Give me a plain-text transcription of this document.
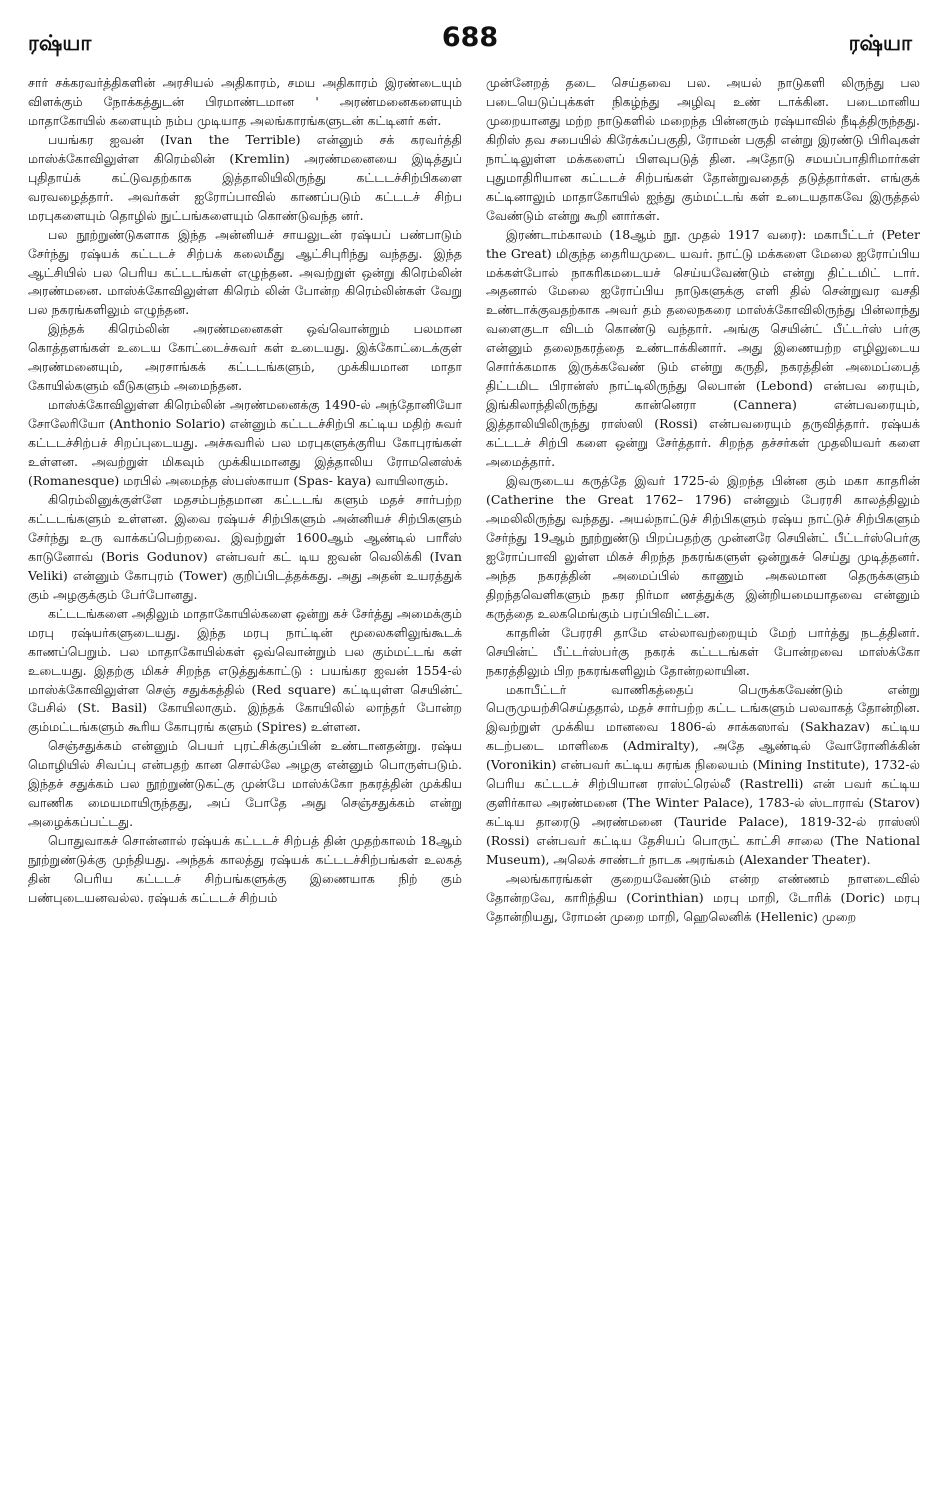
ரஷ்யா	688	ரஷ்யா

சார் சக்கரவர்த்திகளின் அரசியல் அதிகாரம், சமய அதிகாரம் இரண்டையும் விளக்கும் நோக்கத்துடன் பிரமாண்டமான ' அரண்மனைகளையும் மாதாகோயில் களையும் நம்ப முடியாத அலங்காரங்களுடன் கட்டினர் கள்.

பயங்கர ஐவன் (Ivan the Terrible) என்னும் சக் கரவர்த்தி மாஸ்க்கோவிலுள்ள கிரெம்லின் (Kremlin) அரண்மனையை இடித்துப் புதிதாய்க் கட்டுவதற்காக இத்தாலியிலிருந்து கட்டடச்சிற்பிகளை வரவழைத்தார். அவர்கள் ஐரோப்பாவில் காணப்படும் கட்டடச் சிற்ப மரபுகளையும் தொழில் நுட்பங்களையும் கொண்டுவந்த னர்.

பல நூற்றுண்டுகளாக இந்த அன்னியச் சாயலுடன் ரஷ்யப் பண்பாடும் சேர்ந்து ரஷ்யக் கட்டடச் சிற்பக் கலைமீது ஆட்சிபுரிந்து வந்தது. இந்த ஆட்சியில் பல பெரிய கட்டடங்கள் எழுந்தன. அவற்றுள் ஒன்று கிரெம்லின் அரண்மனை. மாஸ்க்கோவிலுள்ள கிரெம் லின் போன்ற கிரெம்லின்கள் வேறு பல நகரங்களிலும் எழுந்தன.

இந்தக் கிரெம்லின் அரண்மனைகள் ஒவ்வொன்றும் பலமான கொத்தளங்கள் உடைய கோட்டைச்சுவர் கள் உடையது. இக்கோட்டைக்குள் அரண்மனையும், அரசாங்கக் கட்டடங்களும், முக்கியமான மாதா கோயில்களும் வீடுகளும் அமைந்தன.

மாஸ்க்கோவிலுள்ள கிரெம்லின் அரண்மனைக்கு 1490-ல் அந்தோனியோ சோலேரியோ (Anthonio Solario) என்னும் கட்டடச்சிற்பி கட்டிய மதிற் சுவர் கட்டடச்சிற்பச் சிறப்புடையது. அச்சுவரில் பல மரபுகளுக்குரிய கோபுரங்கள் உள்ளன. அவற்றுள் மிகவும் முக்கியமானது இத்தாலிய ரோமனெஸ்க் (Romanesque) மரபில் அமைந்த ஸ்பஸ்காயா (Spas- kaya) வாயிலாகும்.

கிரெம்லினுக்குள்ளே மதசம்பந்தமான கட்டடங் களும் மதச் சார்பற்ற கட்டடங்களும் உள்ளன. இவை ரஷ்யச் சிற்பிகளும் அன்னியச் சிற்பிகளும் சேர்ந்து உரு வாக்கப்பெற்றவை. இவற்றுள் 1600ஆம் ஆண்டில் பாரீஸ் காடுனோவ் (Boris Godunov) என்பவர் கட் டிய ஐவன் வெலிக்கி (Ivan Veliki) என்னும் கோபுரம் (Tower) குறிப்பிடத்தக்கது. அது அதன் உயரத்துக் கும் அழகுக்கும் பேர்போனது.

கட்டடங்களை அதிலும் மாதாகோயில்களை ஒன்று கச் சேர்த்து அமைக்கும் மரபு ரஷ்யர்களுடையது. இந்த மரபு நாட்டின் மூலைகளிலுங்கூடக் காணப்பெறும். பல மாதாகோயில்கள் ஒவ்வொன்றும் பல கும்மட்டங் கள் உடையது. இதற்கு மிகச் சிறந்த எடுத்துக்காட்டு : பயங்கர ஐவன் 1554-ல் மாஸ்க்கோவிலுள்ள செஞ் சதுக்கத்தில் (Red square) கட்டியுள்ள செயின்ட் பேசில் (St. Basil) கோயிலாகும். இந்தக் கோயிலில் லாந்தர் போன்ற கும்மட்டங்களும் கூரிய கோபுரங் களும் (Spires) உள்ளன.

செஞ்சதுக்கம் என்னும் பெயர் புரட்சிக்குப்பின் உண்டானதன்று. ரஷ்ய மொழியில் சிவப்பு என்பதற் கான சொல்லே அழகு என்னும் பொருள்படும். இந்தச் சதுக்கம் பல நூற்றுண்டுகட்கு முன்பே மாஸ்க்கோ நகரத்தின் முக்கிய வாணிக மையமாயிருந்தது, அப் போதே அது செஞ்சதுக்கம் என்று அழைக்கப்பட்டது.

பொதுவாகச் சொன்னால் ரஷ்யக் கட்டடச் சிற்பத் தின் முதற்காலம் 18ஆம் நூற்றுண்டுக்கு முந்தியது. அந்தக் காலத்து ரஷ்யக் கட்டடச்சிற்பங்கள் உலகத் தின் பெரிய கட்டடச் சிற்பங்களுக்கு இணையாக நிற் கும் பண்புடையனவல்ல. ரஷ்யக் கட்டடச் சிற்பம்

முன்னேறத் தடை செய்தவை பல. அயல் நாடுகளி லிருந்து பல படையெடுப்புக்கள் நிகழ்ந்து அழிவு உண் டாக்கின. படைமானிய முறையானது மற்ற நாடுகளில் மறைந்த பின்னரும் ரஷ்யாவில் நீடித்திருந்தது. கிறிஸ் தவ சபையில் கிரேக்கப்பகுதி, ரோமன் பகுதி என்று இரண்டு பிரிவுகள் நாட்டிலுள்ள மக்களைப் பிளவுபடுத் தின. அதோடு சமயப்பாதிரிமார்கள் புதுமாதிரியான கட்டடச் சிற்பங்கள் தோன்றுவதைத் தடுத்தார்கள். எங்குக் கட்டினாலும் மாதாகோயில் ஐந்து கும்மட்டங் கள் உடையதாகவே இருத்தல் வேண்டும் என்று கூறி னார்கள்.

இரண்டாம்காலம் (18ஆம் நூ. முதல் 1917 வரை): மகாபீட்டர் (Peter the Great) மிகுந்த தைரியமுடை யவர். நாட்டு மக்களை மேலை ஐரோப்பிய மக்கள்போல் நாகரிகமடையச் செய்யவேண்டும் என்று திட்டமிட் டார். அதனால் மேலை ஐரோப்பிய நாடுகளுக்கு எளி தில் சென்றுவர வசதி உண்டாக்குவதற்காக அவர் தம் தலைநகரை மாஸ்க்கோவிலிருந்து பின்லாந்து வளைகுடா விடம் கொண்டு வந்தார். அங்கு செயின்ட் பீட்டர்ஸ் பர்கு என்னும் தலைநகரத்தை உண்டாக்கினார். அது இணையற்ற எழிலுடைய சொர்க்கமாக இருக்கவேண் டும் என்று கருதி, நகரத்தின் அமைப்பைத் திட்டமிட பிரான்ஸ் நாட்டிலிருந்து லெபான் (Lebond) என்பவ ரையும், இங்கிலாந்திலிருந்து கான்னெரா (Cannera) என்பவரையும், இத்தாலியிலிருந்து ராஸ்ஸி (Rossi) என்பவரையும் தருவித்தார். ரஷ்யக் கட்டடச் சிற்பி களை ஒன்று சேர்த்தார். சிறந்த தச்சர்கள் முதலியவர் களை அமைத்தார்.

இவருடைய கருத்தே இவர் 1725-ல் இறந்த பின்ன கும் மகா காதரின் (Catherine the Great 1762– 1796) என்னும் பேரரசி காலத்திலும் அமலிலிருந்து வந்தது. அயல்நாட்டுச் சிற்பிகளும் ரஷ்ய நாட்டுச் சிற்பிகளும் சேர்ந்து 19ஆம் நூற்றுண்டு பிறப்பதற்கு முன்னரே செயின்ட் பீட்டர்ஸ்பெர்கு ஐரோப்பாவி லுள்ள மிகச் சிறந்த நகரங்களுள் ஒன்றுகச் செய்து முடித்தனர். அந்த நகரத்தின் அமைப்பில் காணும் அகலமான தெருக்களும் திறந்தவெளிகளும் நகர நிர்மா ணத்துக்கு இன்றியமையாதவை என்னும் கருத்தை உலகமெங்கும் பரப்பிவிட்டன.

காதரின் பேரரசி தாமே எல்லாவற்றையும் மேற் பார்த்து நடத்தினர். செயின்ட் பீட்டர்ஸ்பர்கு நகரக் கட்டடங்கள் போன்றவை மாஸ்க்கோ நகரத்திலும் பிற நகரங்களிலும் தோன்றலாயின.

மகாபீட்டர் வாணிகத்தைப் பெருக்கவேண்டும் என்று பெருமுயற்சிசெய்ததால், மதச் சார்பற்ற கட்ட டங்களும் பலவாகத் தோன்றின. இவற்றுள் முக்கிய மானவை 1806-ல் சாக்கஸாவ் (Sakhazav) கட்டிய கடற்படை மாளிகை (Admiralty), அதே ஆண்டில் வோரோனிக்கின் (Voronikin) என்பவர் கட்டிய சுரங்க நிலையம் (Mining Institute), 1732-ல் பெரிய கட்டடச் சிற்பியான ராஸ்ட்ரெல்லீ (Rastrelli) என் பவர் கட்டிய குளிர்கால அரண்மனை (The Winter Palace), 1783-ல் ஸ்டாராவ் (Starov) கட்டிய தாரைடு அரண்மனை (Tauride Palace), 1819-32-ல் ராஸ்ஸி (Rossi) என்பவர் கட்டிய தேசியப் பொருட் காட்சி சாலை (The National Museum), அலெக் சாண்டர் நாடக அரங்கம் (Alexander Theater).

அலங்காரங்கள் குறையவேண்டும் என்ற எண்ணம் நாளடைவில் தோன்றவே, காரிந்திய (Corinthian) மரபு மாறி, டோரிக் (Doric) மரபு தோன்றியது, ரோமன் முறை மாறி, ஹெலெனிக் (Hellenic) முறை
